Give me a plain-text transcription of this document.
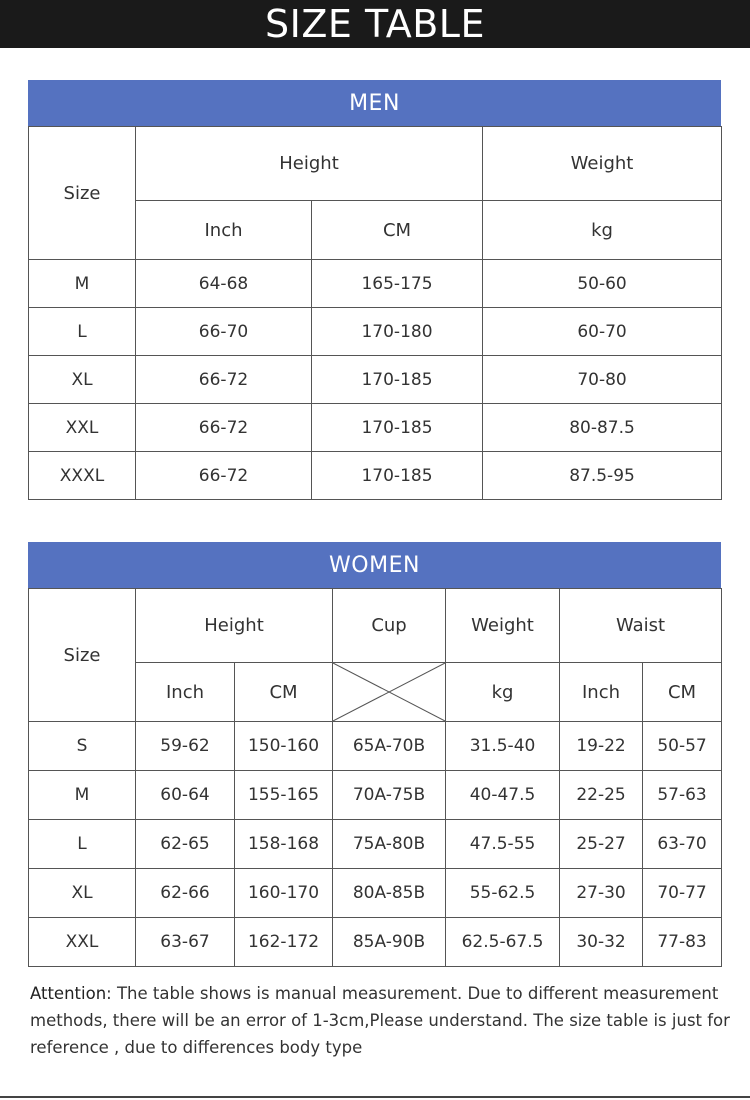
SIZE TABLE
MEN
Size	Height		Weight
	Inch	CM	kg
M	64-68	165-175	50-60
L	66-70	170-180	60-70
XL	66-72	170-185	70-80
XXL	66-72	170-185	80-87.5
XXXL	66-72	170-185	87.5-95
WOMEN
Size	Height		Cup	Weight	Waist	
	Inch	CM		kg	Inch	CM
S	59-62	150-160	65A-70B	31.5-40	19-22	50-57
M	60-64	155-165	70A-75B	40-47.5	22-25	57-63
L	62-65	158-168	75A-80B	47.5-55	25-27	63-70
XL	62-66	160-170	80A-85B	55-62.5	27-30	70-77
XXL	63-67	162-172	85A-90B	62.5-67.5	30-32	77-83
Attention: The table shows is manual measurement. Due to different measurement methods, there will be an error of 1-3cm,Please understand. The size table is just for reference , due to differences body type
